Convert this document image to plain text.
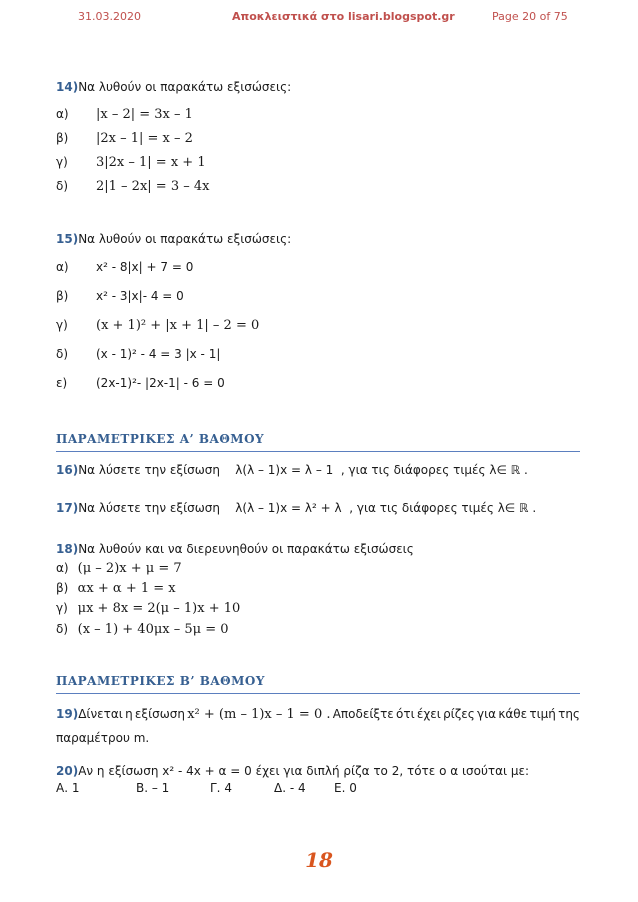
31.03.2020	Αποκλειστικά στο lisari.blogspot.gr	Page 20 of 75
14)Να λυθούν οι παρακάτω εξισώσεις:
α) |x – 2| = 3x – 1
β) |2x – 1| = x – 2
γ) 3|2x – 1| = x + 1
δ) 2|1 – 2x| = 3 – 4x
15)Να λυθούν οι παρακάτω εξισώσεις:
α) x² - 8|x| + 7 = 0
β) x² - 3|x|- 4 = 0
γ) (x + 1)² + |x + 1| – 2 = 0
δ) (x - 1)² - 4 = 3 |x - 1|
ε) (2x-1)²- |2x-1| - 6 = 0
ΠΑΡΑΜΕΤΡΙΚΕΣ Α’ ΒΑΘΜΟΥ
16)Να λύσετε την εξίσωση λ(λ – 1)x = λ – 1 , για τις διάφορες τιμές λ∈ ℝ .
17)Να λύσετε την εξίσωση λ(λ – 1)x = λ² + λ , για τις διάφορες τιμές λ∈ ℝ .
18)Να λυθούν και να διερευνηθούν οι παρακάτω εξισώσεις
α) (μ – 2)x + μ = 7
β) αx + α + 1 = x
γ) μx + 8x = 2(μ – 1)x + 10
δ) (x – 1) + 40μx – 5μ = 0
ΠΑΡΑΜΕΤΡΙΚΕΣ Β’ ΒΑΘΜΟΥ
19)Δίνεται η εξίσωση x² + (m – 1)x – 1 = 0 . Αποδείξτε ότι έχει ρίζες για κάθε τιμή της
παραμέτρου m.
20)Αν η εξίσωση x² - 4x + α = 0 έχει για διπλή ρίζα το 2, τότε ο α ισούται με:
Α. 1	Β. – 1	Γ. 4	Δ. - 4 Ε. 0
18
